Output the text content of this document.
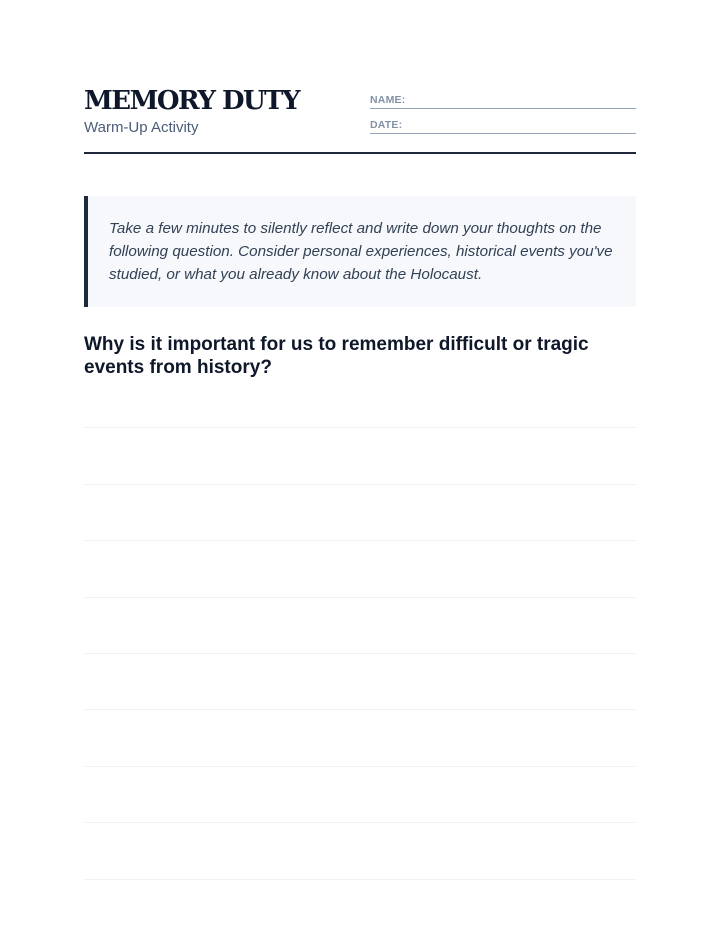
MEMORY DUTY
Warm-Up Activity
NAME:
DATE:

Take a few minutes to silently reflect and write down your thoughts on the following question. Consider personal experiences, historical events you've studied, or what you already know about the Holocaust.

Why is it important for us to remember difficult or tragic events from history?
